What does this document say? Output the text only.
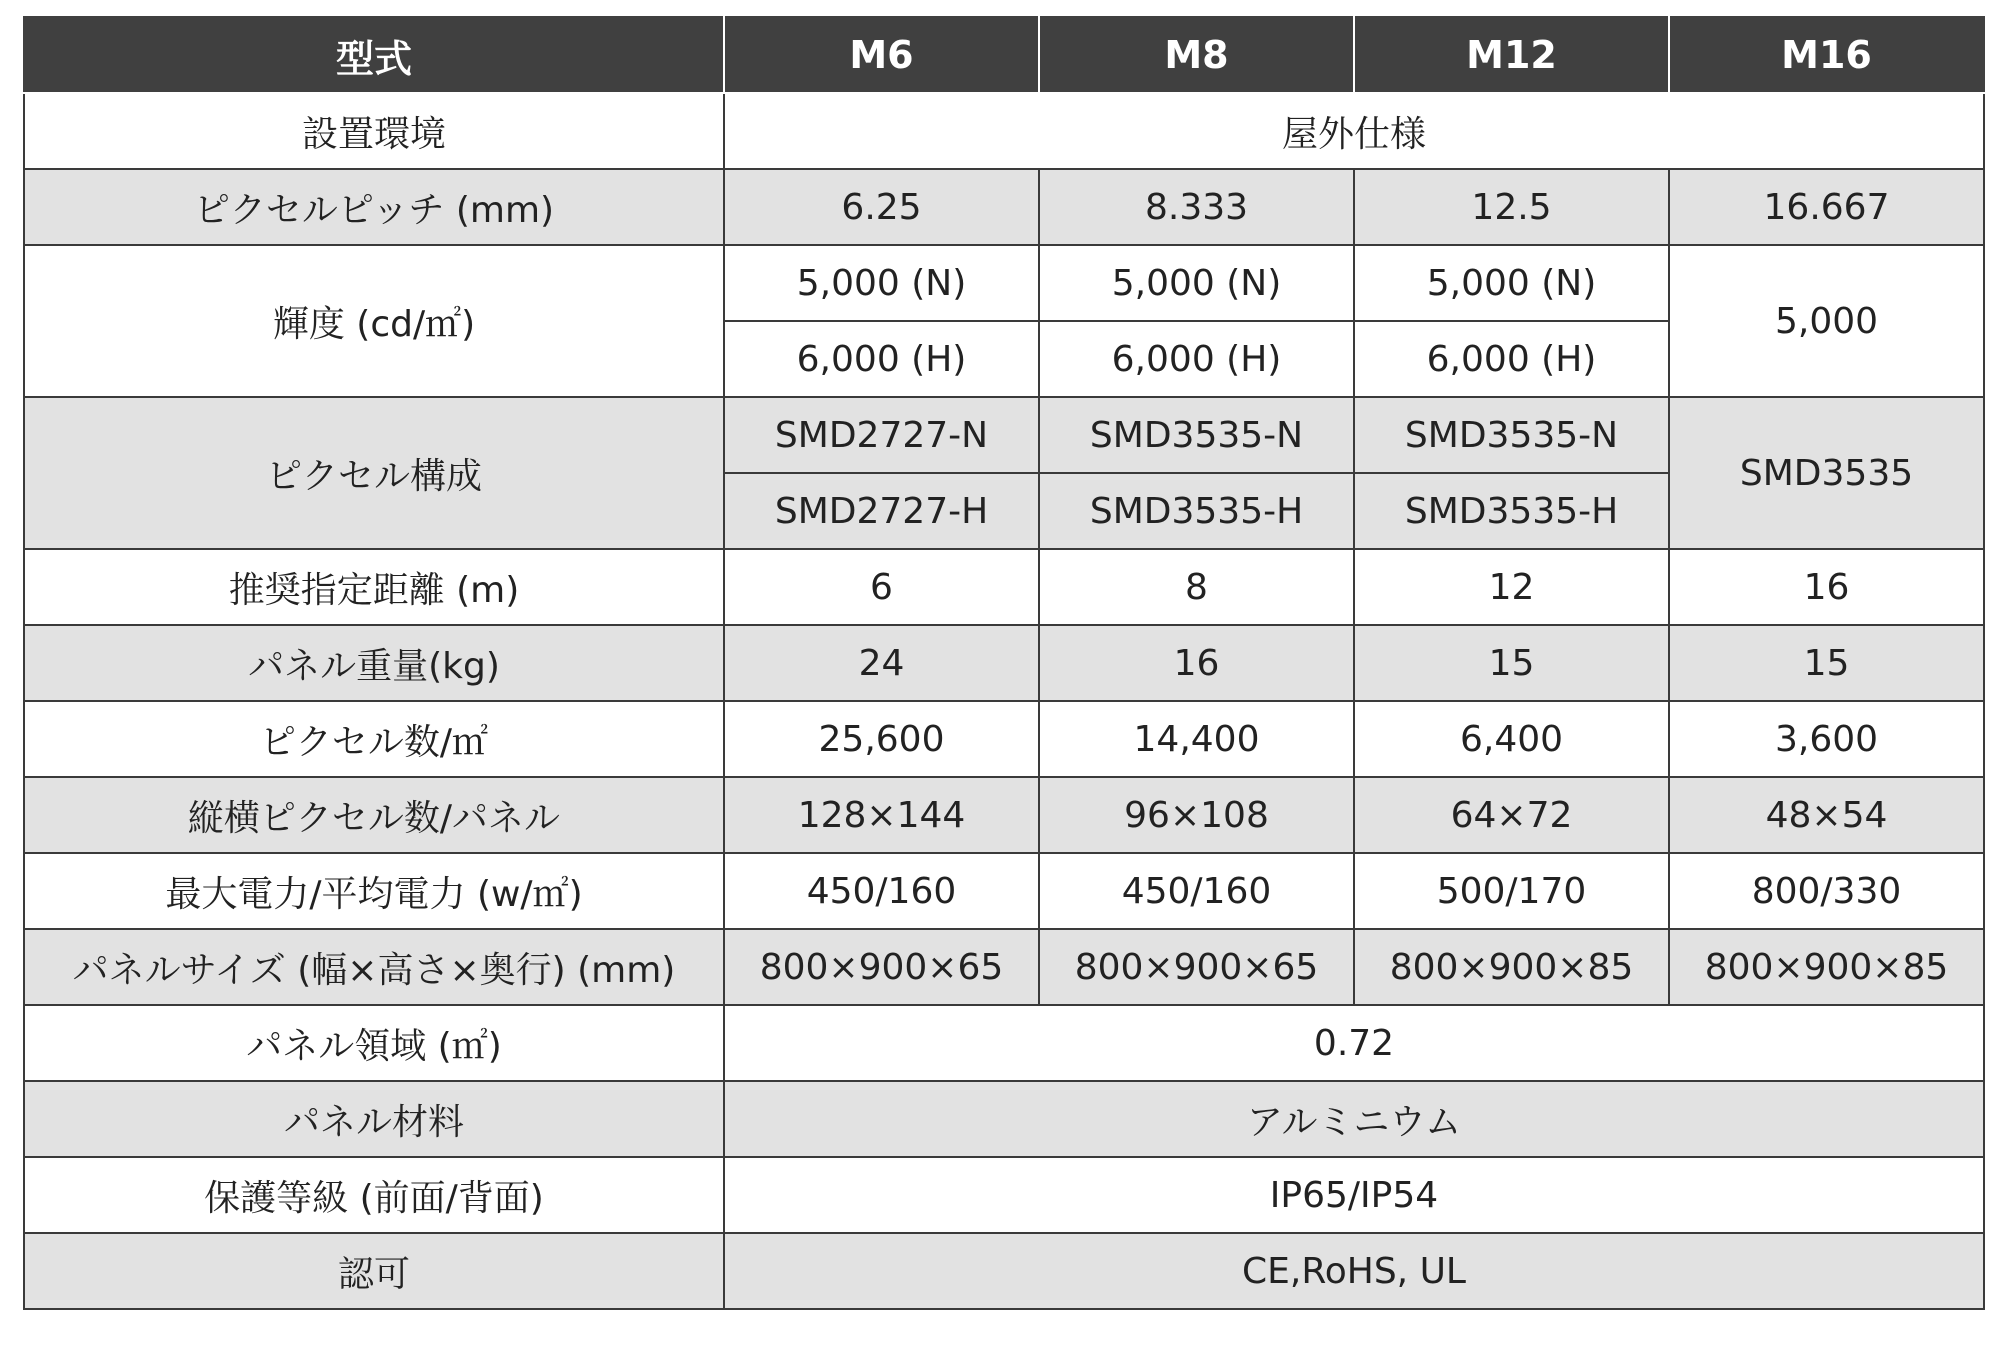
型式	M6	M8	M12	M16
設置環境	屋外仕様			
ピクセルピッチ (mm)	6.25	8.333	12.5	16.667
輝度 (cd/㎡)	5,000 (N)	5,000 (N)	5,000 (N)	5,000
	6,000 (H)	6,000 (H)	6,000 (H)	
ピクセル構成	SMD2727-N	SMD3535-N	SMD3535-N	SMD3535
	SMD2727-H	SMD3535-H	SMD3535-H	
推奨指定距離 (m)	6	8	12	16
パネル重量(kg)	24	16	15	15
ピクセル数/㎡	25,600	14,400	6,400	3,600
縦横ピクセル数/パネル	128×144	96×108	64×72	48×54
最大電力/平均電力 (w/㎡)	450/160	450/160	500/170	800/330
パネルサイズ (幅×高さ×奥行) (mm)	800×900×65	800×900×65	800×900×85	800×900×85
パネル領域 (㎡)	0.72			
パネル材料	アルミニウム			
保護等級 (前面/背面)	IP65/IP54			
認可	CE,RoHS, UL			
